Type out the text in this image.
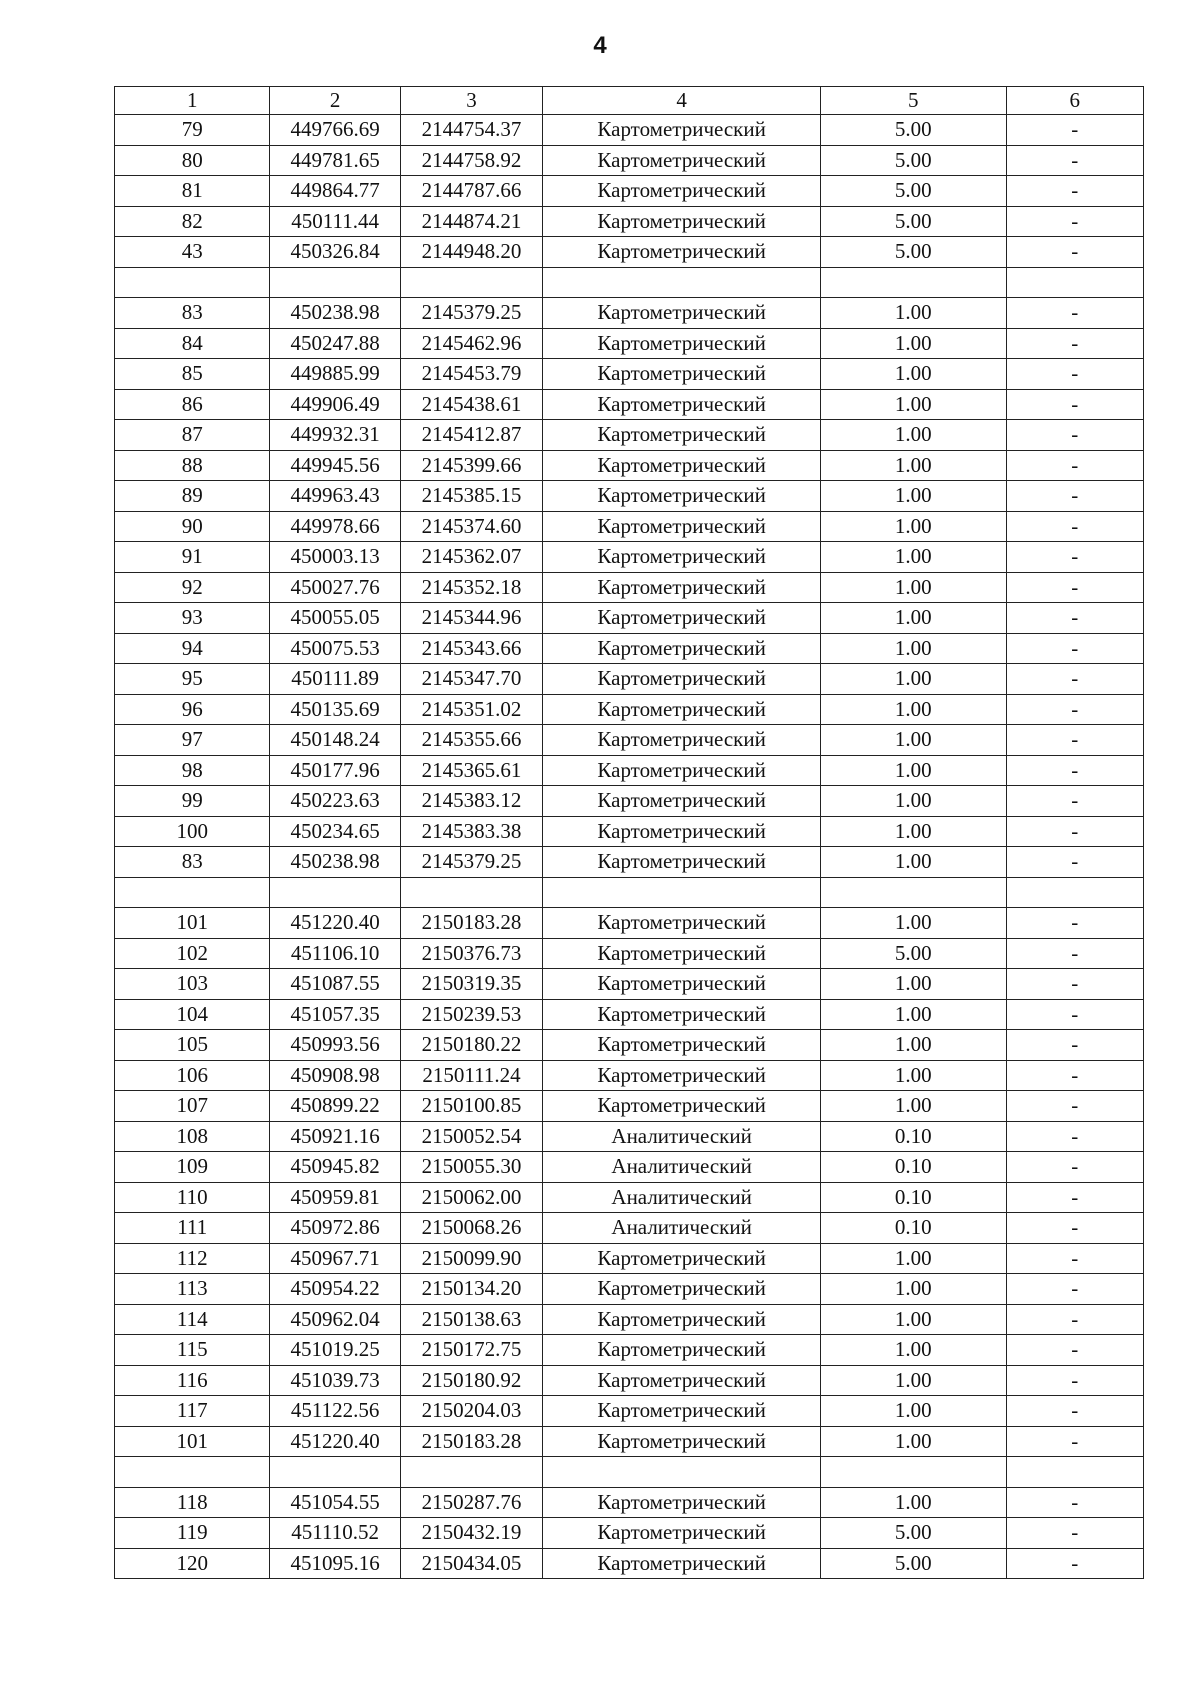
4
1	2	3	4	5	6
79	449766.69	2144754.37	Картометрический	5.00	-
80	449781.65	2144758.92	Картометрический	5.00	-
81	449864.77	2144787.66	Картометрический	5.00	-
82	450111.44	2144874.21	Картометрический	5.00	-
43	450326.84	2144948.20	Картометрический	5.00	-

83	450238.98	2145379.25	Картометрический	1.00	-
84	450247.88	2145462.96	Картометрический	1.00	-
85	449885.99	2145453.79	Картометрический	1.00	-
86	449906.49	2145438.61	Картометрический	1.00	-
87	449932.31	2145412.87	Картометрический	1.00	-
88	449945.56	2145399.66	Картометрический	1.00	-
89	449963.43	2145385.15	Картометрический	1.00	-
90	449978.66	2145374.60	Картометрический	1.00	-
91	450003.13	2145362.07	Картометрический	1.00	-
92	450027.76	2145352.18	Картометрический	1.00	-
93	450055.05	2145344.96	Картометрический	1.00	-
94	450075.53	2145343.66	Картометрический	1.00	-
95	450111.89	2145347.70	Картометрический	1.00	-
96	450135.69	2145351.02	Картометрический	1.00	-
97	450148.24	2145355.66	Картометрический	1.00	-
98	450177.96	2145365.61	Картометрический	1.00	-
99	450223.63	2145383.12	Картометрический	1.00	-
100	450234.65	2145383.38	Картометрический	1.00	-
83	450238.98	2145379.25	Картометрический	1.00	-

101	451220.40	2150183.28	Картометрический	1.00	-
102	451106.10	2150376.73	Картометрический	5.00	-
103	451087.55	2150319.35	Картометрический	1.00	-
104	451057.35	2150239.53	Картометрический	1.00	-
105	450993.56	2150180.22	Картометрический	1.00	-
106	450908.98	2150111.24	Картометрический	1.00	-
107	450899.22	2150100.85	Картометрический	1.00	-
108	450921.16	2150052.54	Аналитический	0.10	-
109	450945.82	2150055.30	Аналитический	0.10	-
110	450959.81	2150062.00	Аналитический	0.10	-
111	450972.86	2150068.26	Аналитический	0.10	-
112	450967.71	2150099.90	Картометрический	1.00	-
113	450954.22	2150134.20	Картометрический	1.00	-
114	450962.04	2150138.63	Картометрический	1.00	-
115	451019.25	2150172.75	Картометрический	1.00	-
116	451039.73	2150180.92	Картометрический	1.00	-
117	451122.56	2150204.03	Картометрический	1.00	-
101	451220.40	2150183.28	Картометрический	1.00	-

118	451054.55	2150287.76	Картометрический	1.00	-
119	451110.52	2150432.19	Картометрический	5.00	-
120	451095.16	2150434.05	Картометрический	5.00	-
